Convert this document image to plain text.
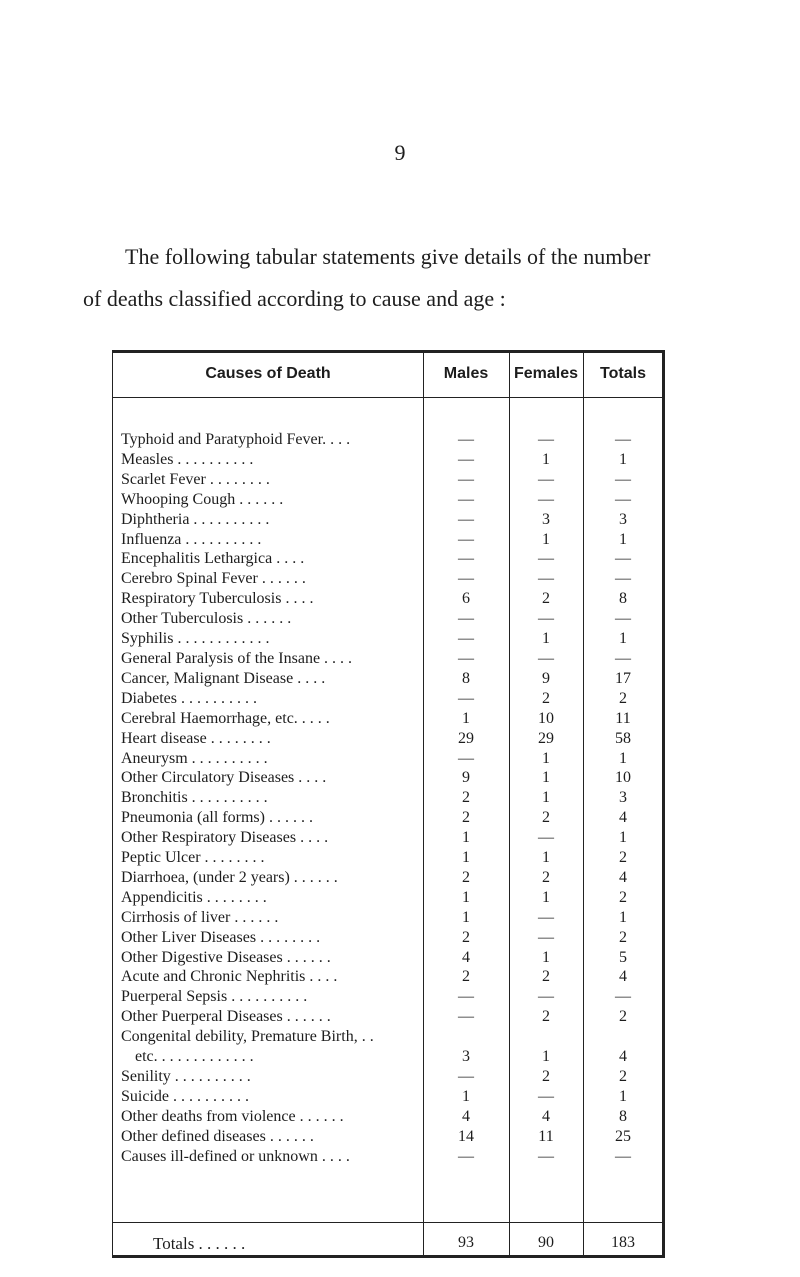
9

The following tabular statements give details of the number

of deaths classified according to cause and age :

Causes of Death	Males	Females	Totals
Typhoid and Paratyphoid Fever. . . .	—	—	—
Measles . . . . . . . . . .	—	1	1
Scarlet Fever . . . . . . . .	—	—	—
Whooping Cough . . . . . .	—	—	—
Diphtheria . . . . . . . . . .	—	3	3
Influenza . . . . . . . . . .	—	1	1
Encephalitis Lethargica . . . .	—	—	—
Cerebro Spinal Fever . . . . . .	—	—	—
Respiratory Tuberculosis . . . .	6	2	8
Other Tuberculosis . . . . . .	—	—	—
Syphilis . . . . . . . . . . . .	—	1	1
General Paralysis of the Insane . . . .	—	—	—
Cancer, Malignant Disease . . . .	8	9	17
Diabetes . . . . . . . . . .	—	2	2
Cerebral Haemorrhage, etc. . . . .	1	10	11
Heart disease . . . . . . . .	29	29	58
Aneurysm . . . . . . . . . .	—	1	1
Other Circulatory Diseases . . . .	9	1	10
Bronchitis . . . . . . . . . .	2	1	3
Pneumonia (all forms) . . . . . .	2	2	4
Other Respiratory Diseases . . . .	1	—	1
Peptic Ulcer . . . . . . . .	1	1	2
Diarrhoea, (under 2 years) . . . . . .	2	2	4
Appendicitis . . . . . . . .	1	1	2
Cirrhosis of liver . . . . . .	1	—	1
Other Liver Diseases . . . . . . . .	2	—	2
Other Digestive Diseases . . . . . .	4	1	5
Acute and Chronic Nephritis . . . .	2	2	4
Puerperal Sepsis . . . . . . . . . .	—	—	—
Other Puerperal Diseases . . . . . .	—	2	2
Congenital debility, Premature Birth, . .
etc. . . . . . . . . . . . .	3	1	4
Senility . . . . . . . . . .	—	2	2
Suicide . . . . . . . . . .	1	—	1
Other deaths from violence . . . . . .	4	4	8
Other defined diseases . . . . . .	14	11	25
Causes ill-defined or unknown . . . .	—	—	—
Totals . . . . . .	93	90	183
